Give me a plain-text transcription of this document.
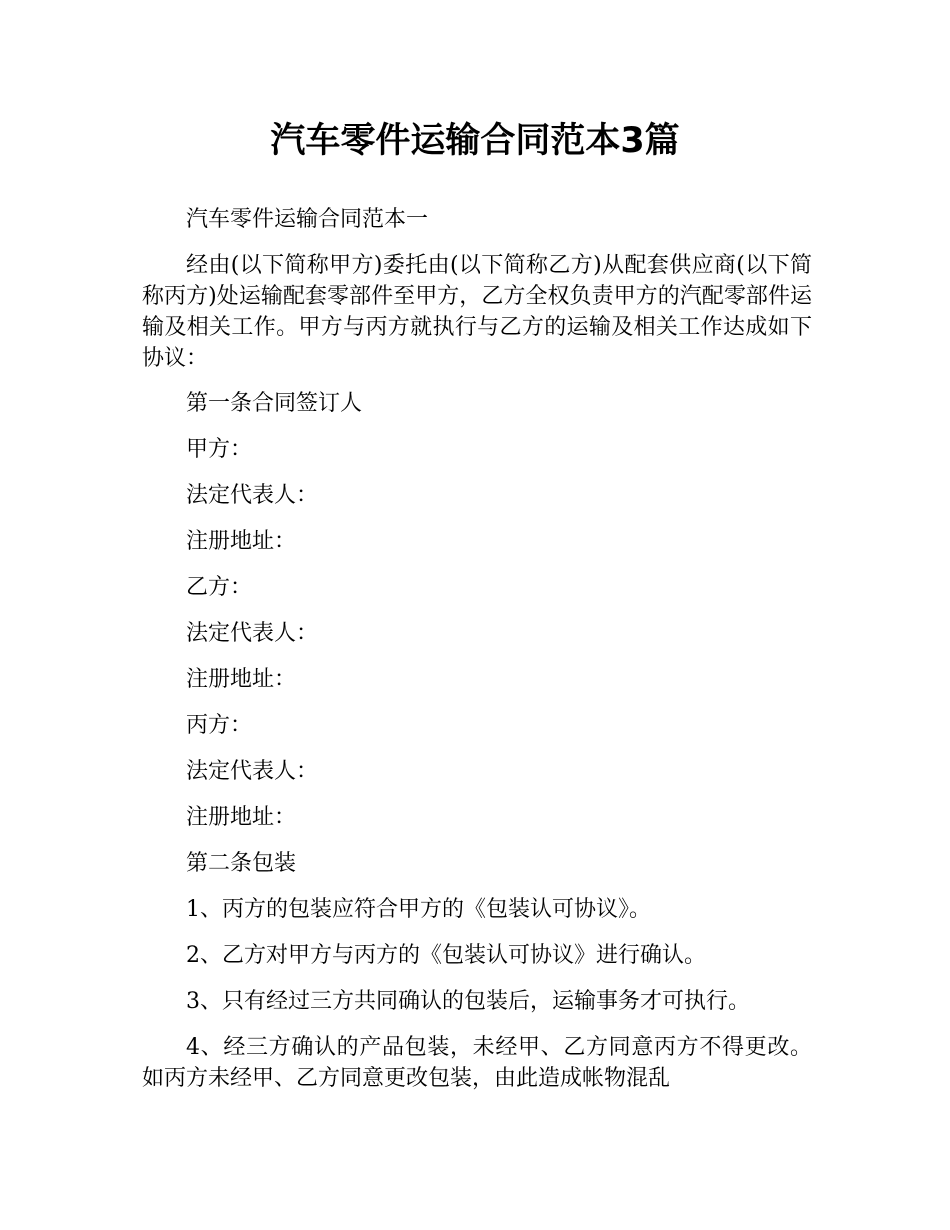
汽车零件运输合同范本3篇

汽车零件运输合同范本一

经由(以下简称甲方)委托由(以下简称乙方)从配套供应商(以下简称丙方)处运输配套零部件至甲方，乙方全权负责甲方的汽配零部件运输及相关工作。甲方与丙方就执行与乙方的运输及相关工作达成如下协议：

第一条合同签订人

甲方：

法定代表人：

注册地址：

乙方：

法定代表人：

注册地址：

丙方：

法定代表人：

注册地址：

第二条包装

1、丙方的包装应符合甲方的《包装认可协议》。

2、乙方对甲方与丙方的《包装认可协议》进行确认。

3、只有经过三方共同确认的包装后，运输事务才可执行。

4、经三方确认的产品包装，未经甲、乙方同意丙方不得更改。如丙方未经甲、乙方同意更改包装，由此造成帐物混乱
